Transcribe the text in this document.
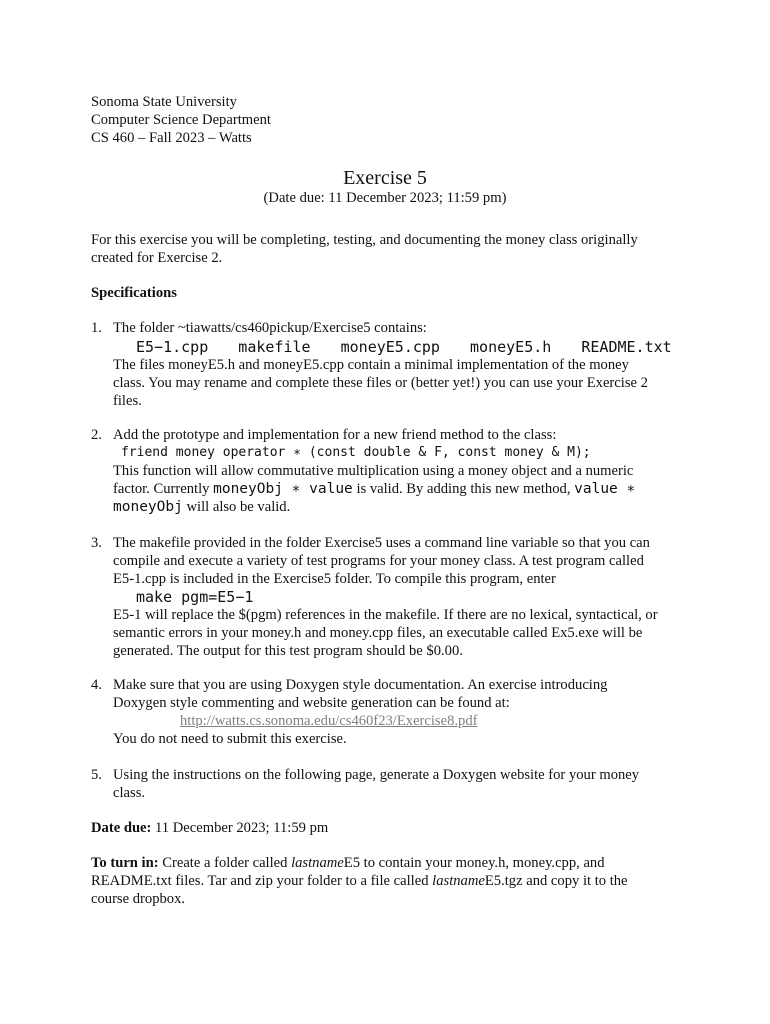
Sonoma State University
Computer Science Department
CS 460 – Fall 2023 – Watts
Exercise 5
(Date due: 11 December 2023; 11:59 pm)
For this exercise you will be completing, testing, and documenting the money class originally
created for Exercise 2.
Specifications
1. The folder ~tiawatts/cs460pickup/Exercise5 contains:
E5−1.cpp  makefile  moneyE5.cpp  moneyE5.h  README.txt
The files moneyE5.h and moneyE5.cpp contain a minimal implementation of the money
class. You may rename and complete these files or (better yet!) you can use your Exercise 2
files.
2. Add the prototype and implementation for a new friend method to the class:
friend money operator ∗ (const double & F, const money & M);
This function will allow commutative multiplication using a money object and a numeric
factor. Currently moneyObj ∗ value is valid. By adding this new method, value ∗
moneyObj will also be valid.
3. The makefile provided in the folder Exercise5 uses a command line variable so that you can
compile and execute a variety of test programs for your money class. A test program called
E5-1.cpp is included in the Exercise5 folder. To compile this program, enter
make pgm=E5−1
E5-1 will replace the $(pgm) references in the makefile. If there are no lexical, syntactical, or
semantic errors in your money.h and money.cpp files, an executable called Ex5.exe will be
generated. The output for this test program should be $0.00.
4. Make sure that you are using Doxygen style documentation. An exercise introducing
Doxygen style commenting and website generation can be found at:
http://watts.cs.sonoma.edu/cs460f23/Exercise8.pdf
You do not need to submit this exercise.
5. Using the instructions on the following page, generate a Doxygen website for your money
class.
Date due: 11 December 2023; 11:59 pm
To turn in: Create a folder called lastnameE5 to contain your money.h, money.cpp, and
README.txt files. Tar and zip your folder to a file called lastnameE5.tgz and copy it to the
course dropbox.
